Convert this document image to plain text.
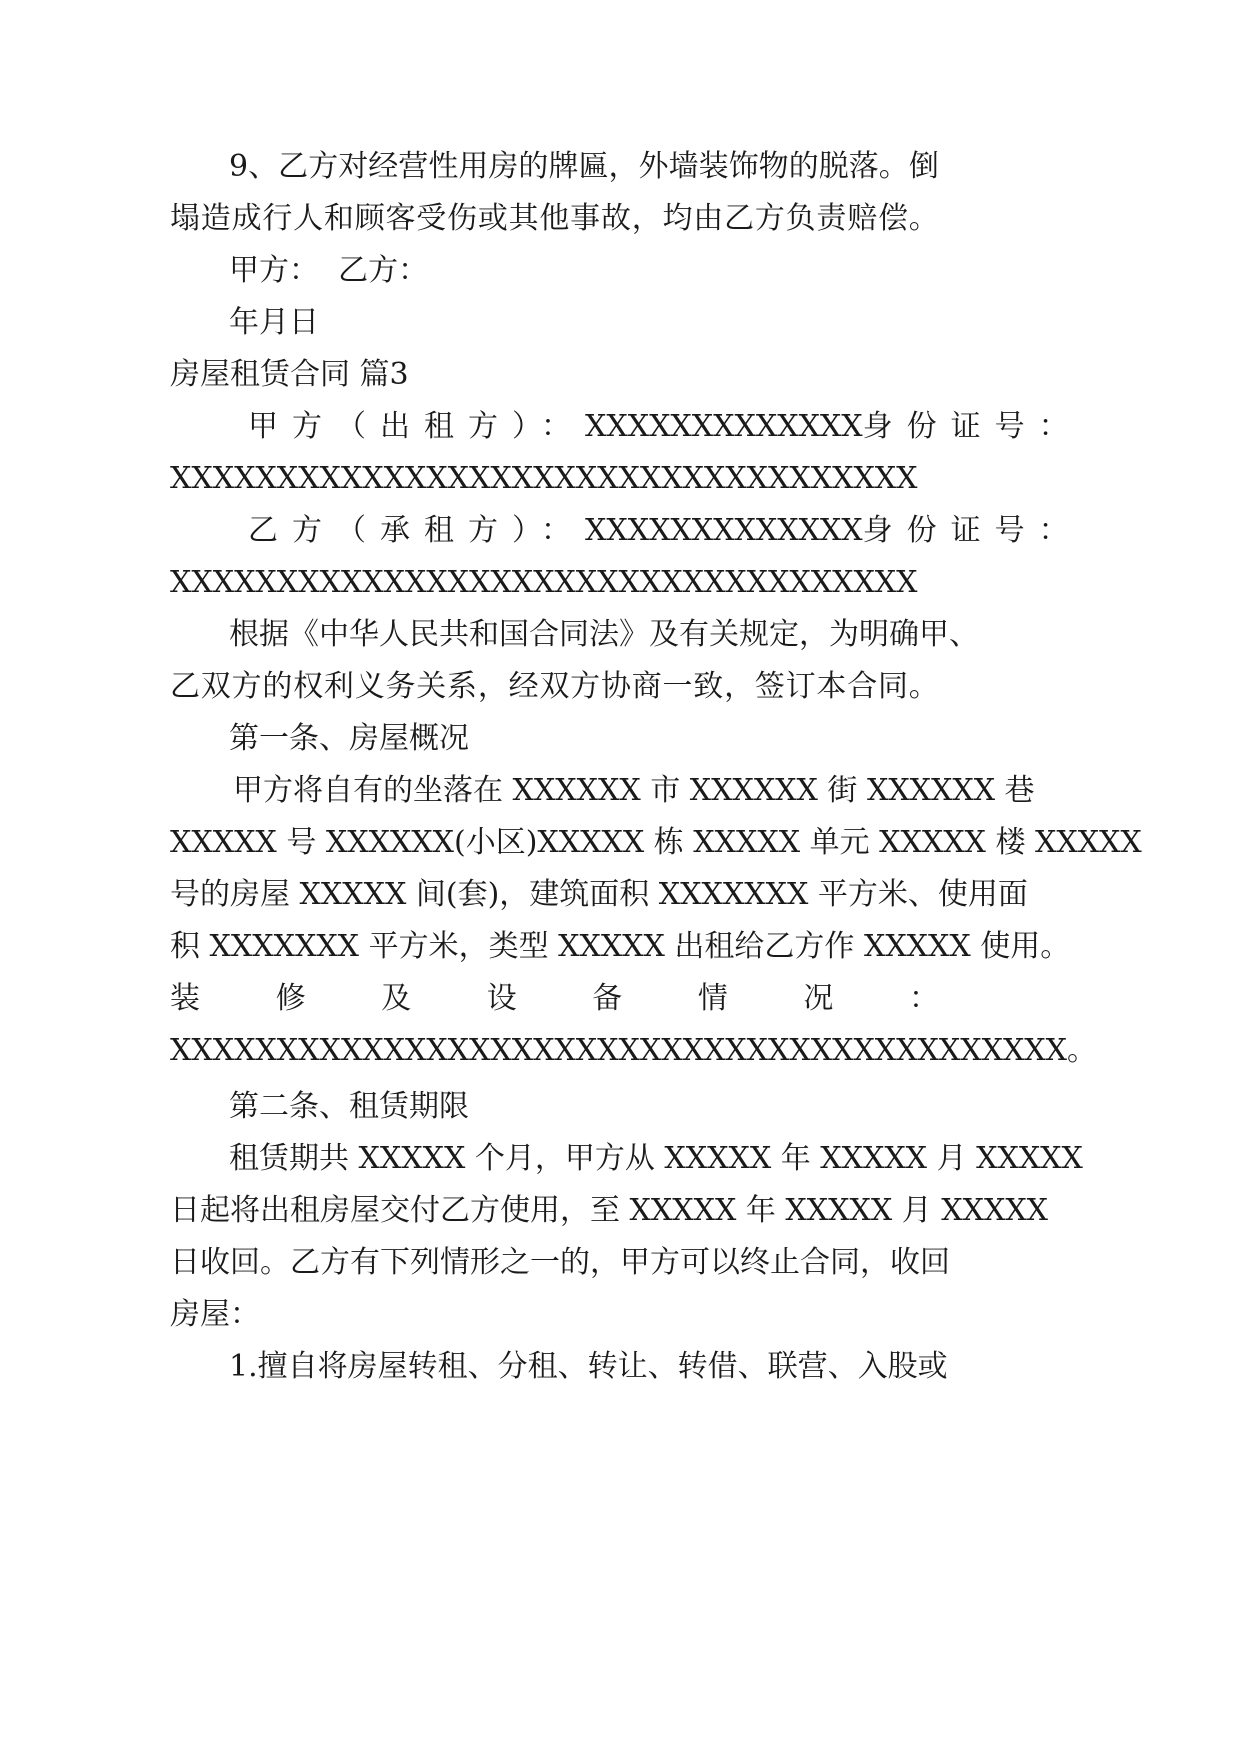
9 、 乙 方 对 经 营 性 用 房 的 牌 匾 ， 外 墙 装 饰 物 的 脱 落 。 倒
塌 造 成 行 人 和 顾 客 受 伤 或 其 他 事 故 ， 均 由 乙 方 负 责 赔 偿 。
甲方：  乙方：
年月日
房屋租赁合同 篇3
甲方（出租方）： XXXXXXXXXXXXX 身份证号：
XXXXXXXXXXXXXXXXXXXXXXXXXXXXXXXXXXX
乙方（承租方）： XXXXXXXXXXXXX 身份证号：
XXXXXXXXXXXXXXXXXXXXXXXXXXXXXXXXXXX
根 据 《 中 华 人 民 共 和 国 合 同 法 》 及 有 关 规 定 ， 为 明 确 甲 、
乙 双 方 的 权 利 义 务 关 系 ， 经 双 方 协 商 一 致 ， 签 订 本 合 同 。
第一条、房屋概况
甲方将自有的坐落在 XXXXXX 市 XXXXXX 街 XXXXXX 巷
XXXXX 号 XXXXXX(小区)XXXXX 栋 XXXXX 单元 XXXXX 楼 XXXXX
号的房屋 XXXXX 间(套)，建筑面积 XXXXXXX 平方米、使用面
积 XXXXXXX 平方米，类型 XXXXX 出租给乙方作 XXXXX 使用。
装	修	及	设	备	情	况	：
XXXXXXXXXXXXXXXXXXXXXXXXXXXXXXXXXXXXXXXXXX。
第二条、租赁期限
租赁期共 XXXXX 个月，甲方从 XXXXX 年 XXXXX 月 XXXXX
日起将出租房屋交付乙方使用，至 XXXXX 年 XXXXX 月 XXXXX
日 收 回 。 乙 方 有 下 列 情 形 之 一 的 ， 甲 方 可 以 终 止 合 同 ， 收 回
房屋：
1. 擅 自 将 房 屋 转 租 、 分 租 、 转 让 、 转 借 、 联 营 、 入 股 或
